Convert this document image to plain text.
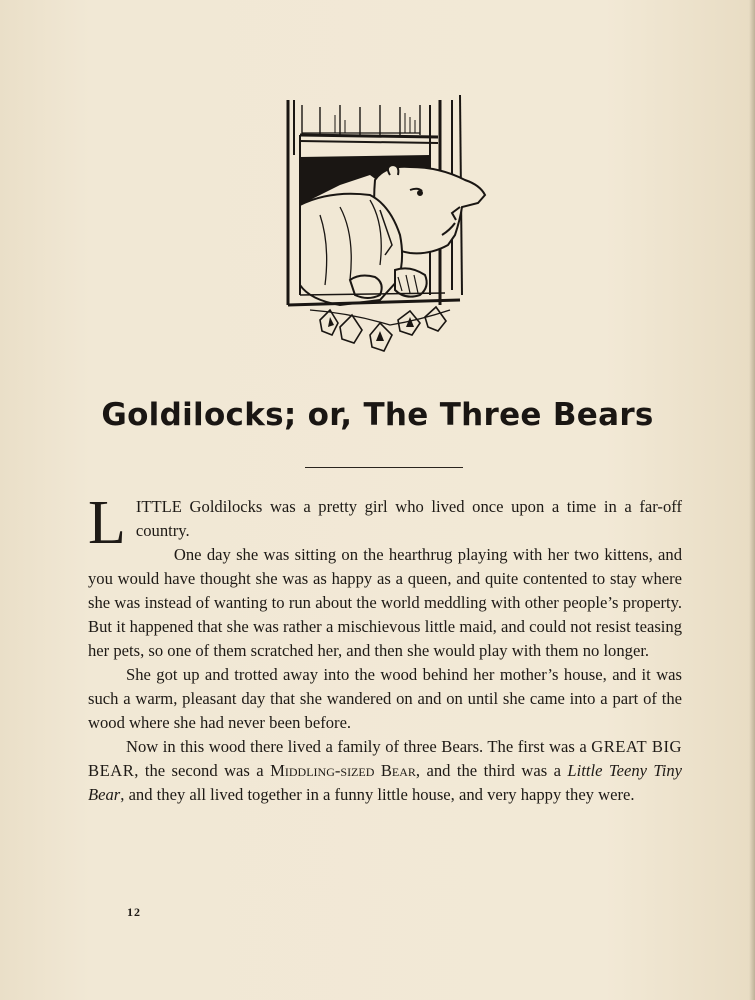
Goldilocks; or, The Three Bears

LITTLE Goldilocks was a pretty girl who lived once upon a time in a far-off country.

One day she was sitting on the hearthrug playing with her two kittens, and you would have thought she was as happy as a queen, and quite contented to stay where she was instead of wanting to run about the world meddling with other people’s property. But it happened that she was rather a mischievous little maid, and could not resist teasing her pets, so one of them scratched her, and then she would play with them no longer.

She got up and trotted away into the wood behind her mother’s house, and it was such a warm, pleasant day that she wandered on and on until she came into a part of the wood where she had never been before.

Now in this wood there lived a family of three Bears. The first was a GREAT BIG BEAR, the second was a Middling-sized Bear, and the third was a Little Teeny Tiny Bear, and they all lived together in a funny little house, and very happy they were.

12
